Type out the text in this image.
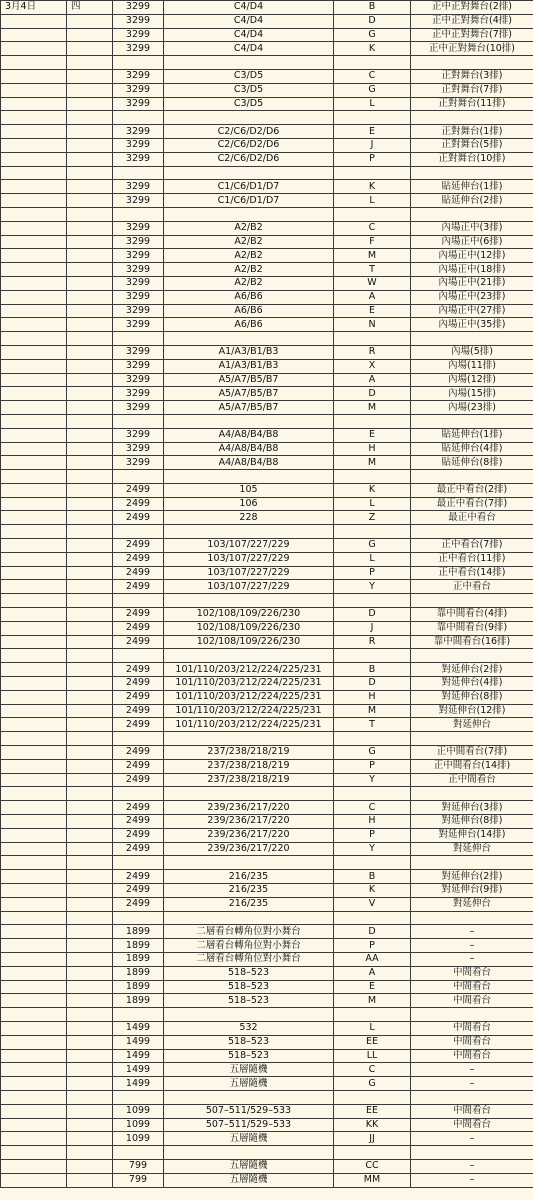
3月4日	四	3299	C4/D4	B	正中正對舞台(2排)
		3299	C4/D4	D	正中正對舞台(4排)
		3299	C4/D4	G	正中正對舞台(7排)
		3299	C4/D4	K	正中正對舞台(10排)

		3299	C3/D5	C	正對舞台(3排)
		3299	C3/D5	G	正對舞台(7排)
		3299	C3/D5	L	正對舞台(11排)

		3299	C2/C6/D2/D6	E	正對舞台(1排)
		3299	C2/C6/D2/D6	J	正對舞台(5排)
		3299	C2/C6/D2/D6	P	正對舞台(10排)

		3299	C1/C6/D1/D7	K	貼延伸台(1排)
		3299	C1/C6/D1/D7	L	貼延伸台(2排)

		3299	A2/B2	C	內場正中(3排)
		3299	A2/B2	F	內場正中(6排)
		3299	A2/B2	M	內場正中(12排)
		3299	A2/B2	T	內場正中(18排)
		3299	A2/B2	W	內場正中(21排)
		3299	A6/B6	A	內場正中(23排)
		3299	A6/B6	E	內場正中(27排)
		3299	A6/B6	N	內場正中(35排)

		3299	A1/A3/B1/B3	R	內場(5排)
		3299	A1/A3/B1/B3	X	內場(11排)
		3299	A5/A7/B5/B7	A	內場(12排)
		3299	A5/A7/B5/B7	D	內場(15排)
		3299	A5/A7/B5/B7	M	內場(23排)

		3299	A4/A8/B4/B8	E	貼延伸台(1排)
		3299	A4/A8/B4/B8	H	貼延伸台(4排)
		3299	A4/A8/B4/B8	M	貼延伸台(8排)

		2499	105	K	最正中看台(2排)
		2499	106	L	最正中看台(7排)
		2499	228	Z	最正中看台

		2499	103/107/227/229	G	正中看台(7排)
		2499	103/107/227/229	L	正中看台(11排)
		2499	103/107/227/229	P	正中看台(14排)
		2499	103/107/227/229	Y	正中看台

		2499	102/108/109/226/230	D	靠中間看台(4排)
		2499	102/108/109/226/230	J	靠中間看台(9排)
		2499	102/108/109/226/230	R	靠中間看台(16排)

		2499	101/110/203/212/224/225/231	B	對延伸台(2排)
		2499	101/110/203/212/224/225/231	D	對延伸台(4排)
		2499	101/110/203/212/224/225/231	H	對延伸台(8排)
		2499	101/110/203/212/224/225/231	M	對延伸台(12排)
		2499	101/110/203/212/224/225/231	T	對延伸台

		2499	237/238/218/219	G	正中間看台(7排)
		2499	237/238/218/219	P	正中間看台(14排)
		2499	237/238/218/219	Y	正中間看台

		2499	239/236/217/220	C	對延伸台(3排)
		2499	239/236/217/220	H	對延伸台(8排)
		2499	239/236/217/220	P	對延伸台(14排)
		2499	239/236/217/220	Y	對延伸台

		2499	216/235	B	對延伸台(2排)
		2499	216/235	K	對延伸台(9排)
		2499	216/235	V	對延伸台

		1899	二層看台轉角位對小舞台	D	–
		1899	二層看台轉角位對小舞台	P	–
		1899	二層看台轉角位對小舞台	AA	–
		1899	518–523	A	中間看台
		1899	518–523	E	中間看台
		1899	518–523	M	中間看台

		1499	532	L	中間看台
		1499	518–523	EE	中間看台
		1499	518–523	LL	中間看台
		1499	五層隨機	C	–
		1499	五層隨機	G	–

		1099	507–511/529–533	EE	中間看台
		1099	507–511/529–533	KK	中間看台
		1099	五層隨機	JJ	–

		799	五層隨機	CC	–
		799	五層隨機	MM	–
